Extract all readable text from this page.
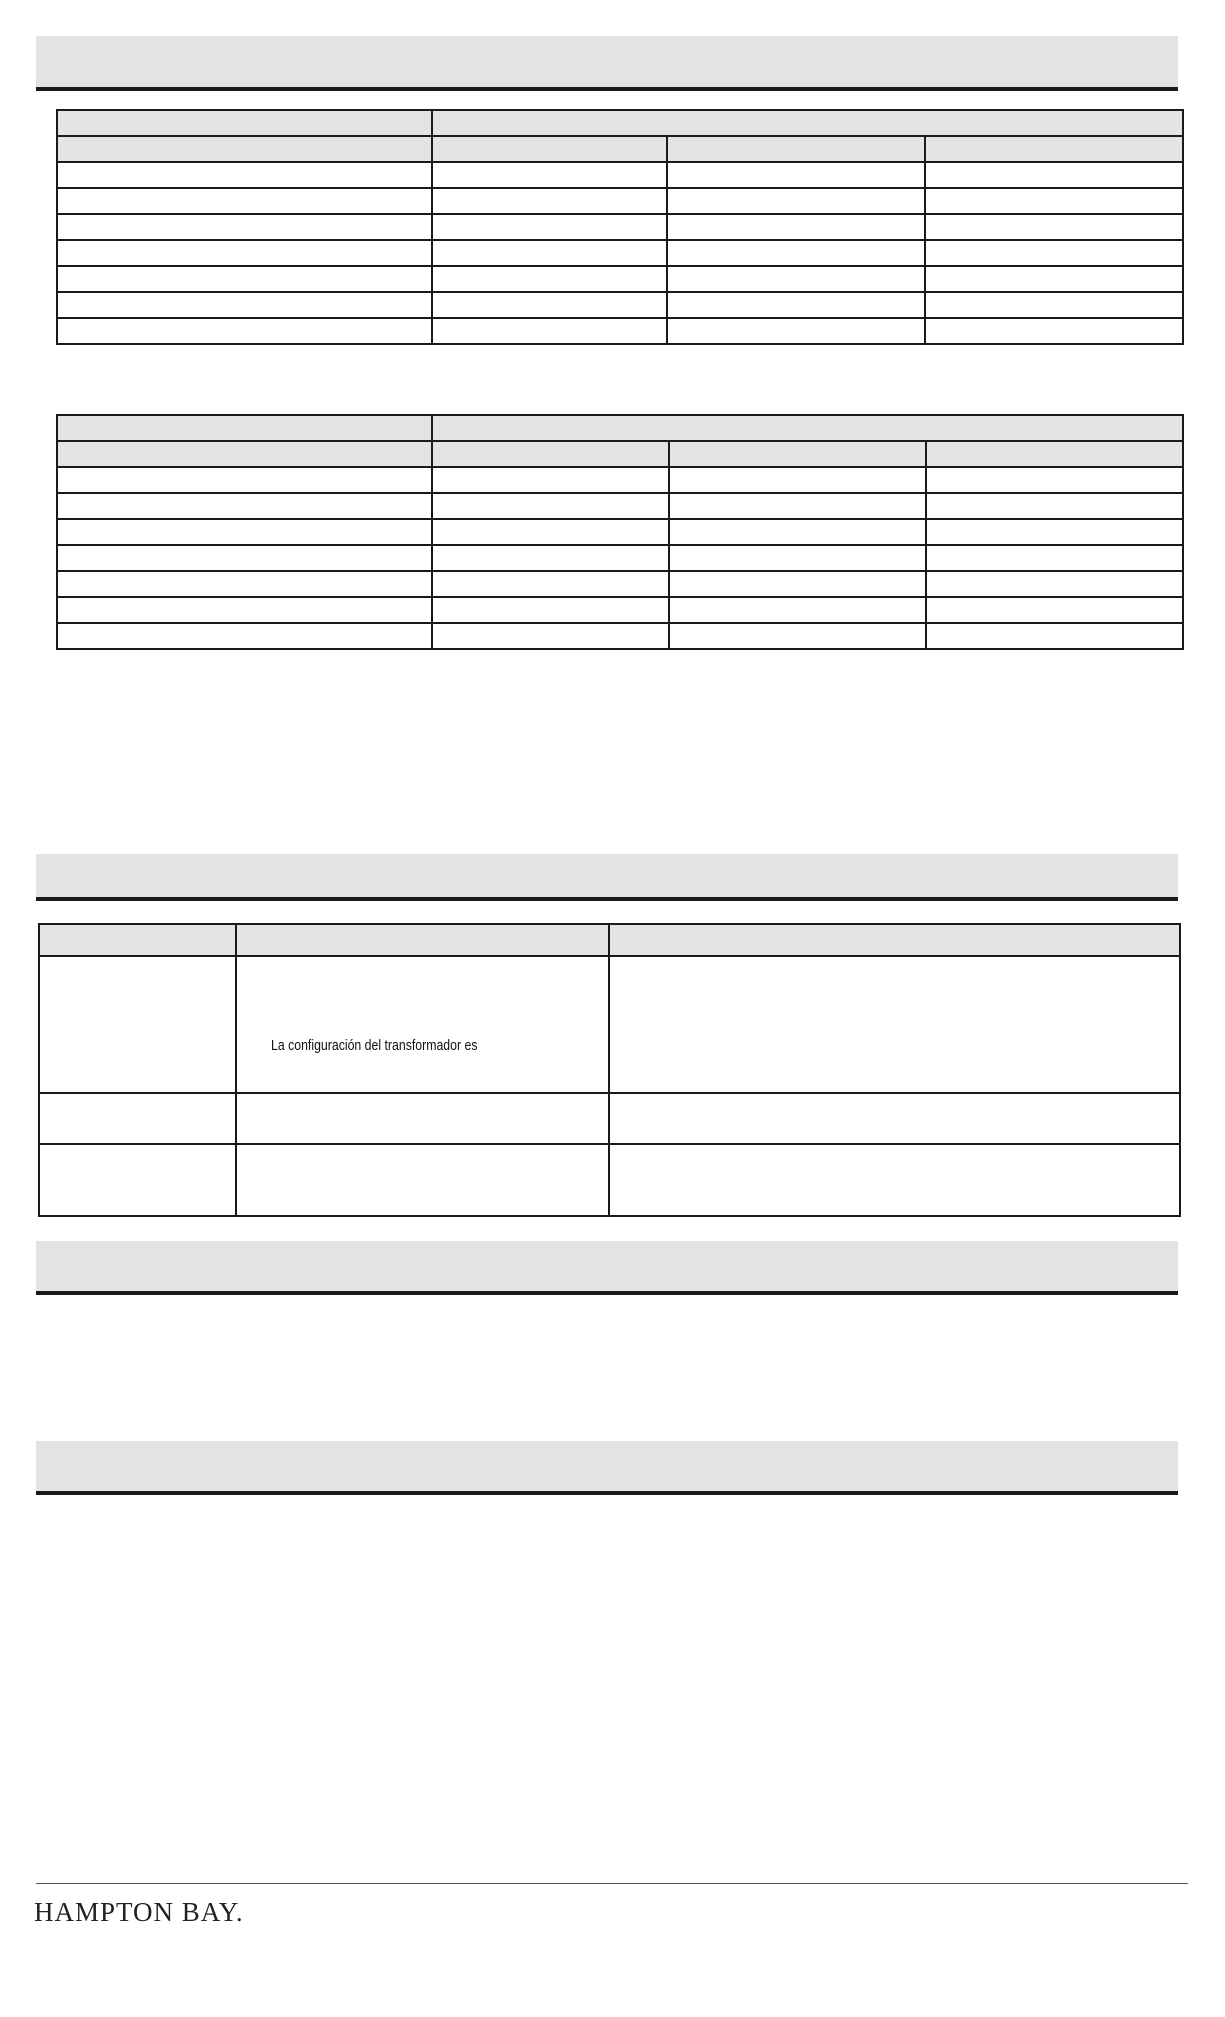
	La configuración del transformador es	

HAMPTON BAY.
